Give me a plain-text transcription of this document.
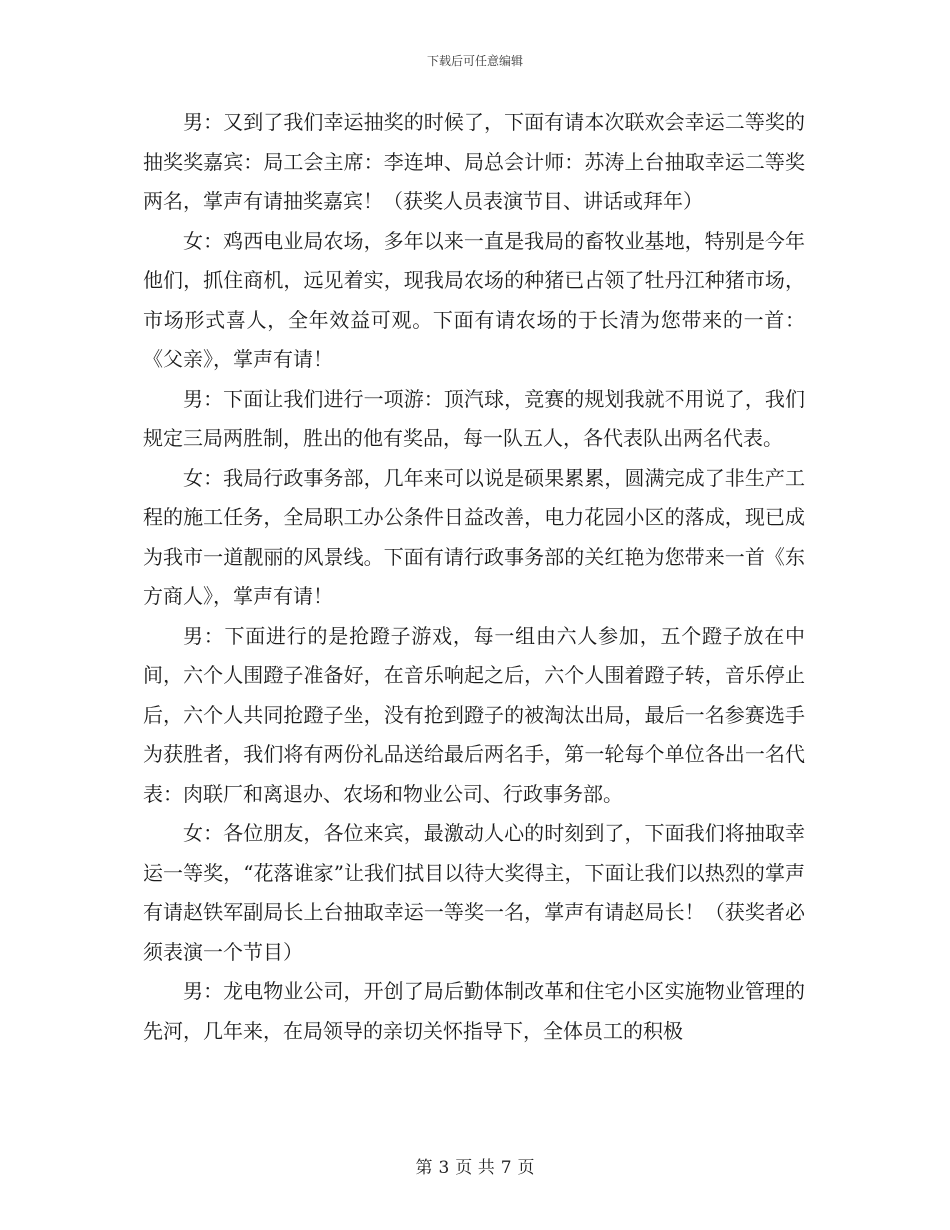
下载后可任意编辑

男：又到了我们幸运抽奖的时候了，下面有请本次联欢会幸运二等奖的抽奖奖嘉宾：局工会主席：李连坤、局总会计师：苏涛上台抽取幸运二等奖两名，掌声有请抽奖嘉宾！（获奖人员表演节目、讲话或拜年）

女：鸡西电业局农场，多年以来一直是我局的畜牧业基地，特别是今年他们，抓住商机，远见着实，现我局农场的种猪已占领了牡丹江种猪市场，市场形式喜人，全年效益可观。下面有请农场的于长清为您带来的一首：《父亲》，掌声有请！

男：下面让我们进行一项游：顶汽球，竞赛的规划我就不用说了，我们规定三局两胜制，胜出的他有奖品，每一队五人，各代表队出两名代表。

女：我局行政事务部，几年来可以说是硕果累累，圆满完成了非生产工程的施工任务，全局职工办公条件日益改善，电力花园小区的落成，现已成为我市一道靓丽的风景线。下面有请行政事务部的关红艳为您带来一首《东方商人》，掌声有请！

男：下面进行的是抢蹬子游戏，每一组由六人参加，五个蹬子放在中间，六个人围蹬子准备好，在音乐响起之后，六个人围着蹬子转，音乐停止后，六个人共同抢蹬子坐，没有抢到蹬子的被淘汰出局，最后一名参赛选手为获胜者，我们将有两份礼品送给最后两名手，第一轮每个单位各出一名代表：肉联厂和离退办、农场和物业公司、行政事务部。

女：各位朋友，各位来宾，最激动人心的时刻到了，下面我们将抽取幸运一等奖，“花落谁家”让我们拭目以待大奖得主，下面让我们以热烈的掌声有请赵铁军副局长上台抽取幸运一等奖一名，掌声有请赵局长！（获奖者必须表演一个节目）

男：龙电物业公司，开创了局后勤体制改革和住宅小区实施物业管理的先河，几年来，在局领导的亲切关怀指导下，全体员工的积极

第 3 页 共 7 页
